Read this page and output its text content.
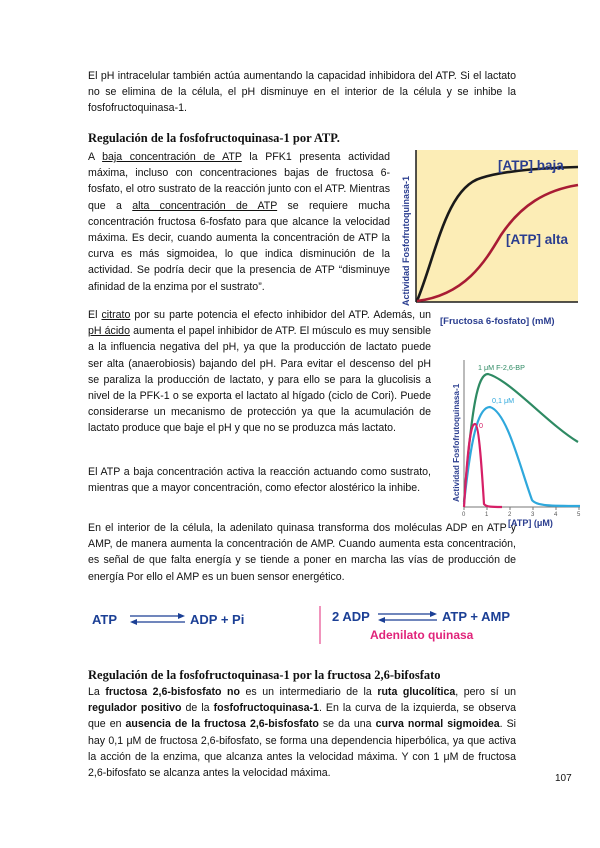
El pH intracelular también actúa aumentando la capacidad inhibidora del ATP. Si el lactato no se elimina de la célula, el pH disminuye en el interior de la célula y se inhibe la fosfofructoquinasa-1.

Regulación de la fosfofructoquinasa-1 por ATP.

A baja concentración de ATP la PFK1 presenta actividad máxima, incluso con concentraciones bajas de fructosa 6-fosfato, el otro sustrato de la reacción junto con el ATP. Mientras que a alta concentración de ATP se requiere mucha concentración fructosa 6-fosfato para que alcance la velocidad máxima. Es decir, cuando aumenta la concentración de ATP la curva es más sigmoidea, lo que indica disminución de la actividad. Se podría decir que la presencia de ATP “disminuye afinidad de la enzima por el sustrato”.

El citrato por su parte potencia el efecto inhibidor del ATP. Además, un pH ácido aumenta el papel inhibidor de ATP. El músculo es muy sensible a la influencia negativa del pH, ya que la producción de lactato puede ser alta (anaerobiosis) bajando del pH. Para evitar el descenso del pH se paraliza la producción de lactato, y para ello se para la glucolisis a nivel de la PFK-1 o se exporta el lactato al hígado (ciclo de Cori). Puede considerarse un mecanismo de protección ya que la acumulación de lactato produce que baje el pH y que no se produzca más lactato.

El ATP a baja concentración activa la reacción actuando como sustrato, mientras que a mayor concentración, como efector alostérico la inhibe.

En el interior de la célula, la adenilato quinasa transforma dos moléculas ADP en ATP y AMP, de manera aumenta la concentración de AMP. Cuando aumenta esta concentración, es señal de que falta energía y se tiende a poner en marcha las vías de producción de energía Por ello el AMP es un buen sensor energético.

[ATP] baja
[ATP] alta
Actividad Fosfofrutoquinasa-1
[Fructosa 6-fosfato] (mM)
1 μM F-2,6-BP
0,1 μM
0
0	1	2	3	4	5
Actividad Fosfofrutoquinasa-1
[ATP] (μM)
ATP	ADP + Pi	2 ADP	ATP + AMP
Adenilato quinasa
Regulación de la fosfofructoquinasa-1 por la fructosa 2,6-bifosfato

La fructosa 2,6-bisfosfato no es un intermediario de la ruta glucolítica, pero sí un regulador positivo de la fosfofructoquinasa-1. En la curva de la izquierda, se observa que en ausencia de la fructosa 2,6-bisfosfato se da una curva normal sigmoidea. Si hay 0,1 μM de fructosa 2,6-bifosfato, se forma una dependencia hiperbólica, ya que activa la acción de la enzima, que alcanza antes la velocidad máxima. Y con 1 μM de fructosa 2,6-bifosfato se alcanza antes la velocidad máxima.	107
